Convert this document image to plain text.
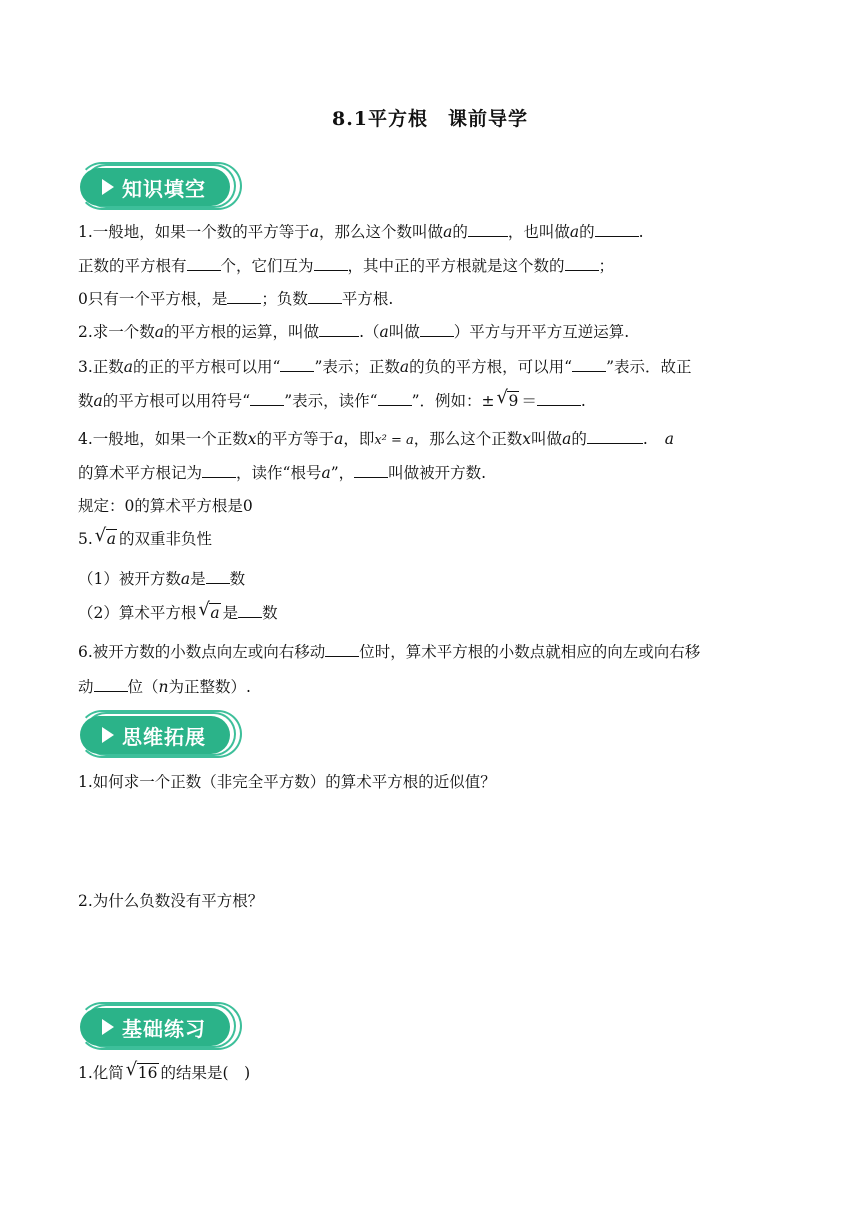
8.1平方根　课前导学
知识填空
1.一般地，如果一个数的平方等于a，那么这个数叫做a的	，也叫做a的	.
正数的平方根有 个，它们互为 ，其中正的平方根就是这个数的 ；
0只有一个平方根，是 ；负数 平方根.
2.求一个数a的平方根的运算，叫做	.（a叫做 ）平方与开平方互逆运算.
3.正数a的正的平方根可以用“ ”表示；正数a的负的平方根，可以用“ ”表示．故正
数a的平方根可以用符号“ ”表示，读作“ ”．例如：± √ 9 ＝	.
4.一般地，如果一个正数x的平方等于a，即x² = a，那么这个正数x叫做a的	. a
的算术平方根记为 ，读作“根号a”， 叫做被开方数.
规定：0的算术平方根是0
5. √ a 的双重非负性
（1）被开方数a是 数
（2）算术平方根 √ a 是 数
6.被开方数的小数点向左或向右移动 位时，算术平方根的小数点就相应的向左或向右移
动 位（n为正整数）.
思维拓展
1.如何求一个正数（非完全平方数）的算术平方根的近似值？
2.为什么负数没有平方根？
基础练习
1.化简 √ 16 的结果是(　)
